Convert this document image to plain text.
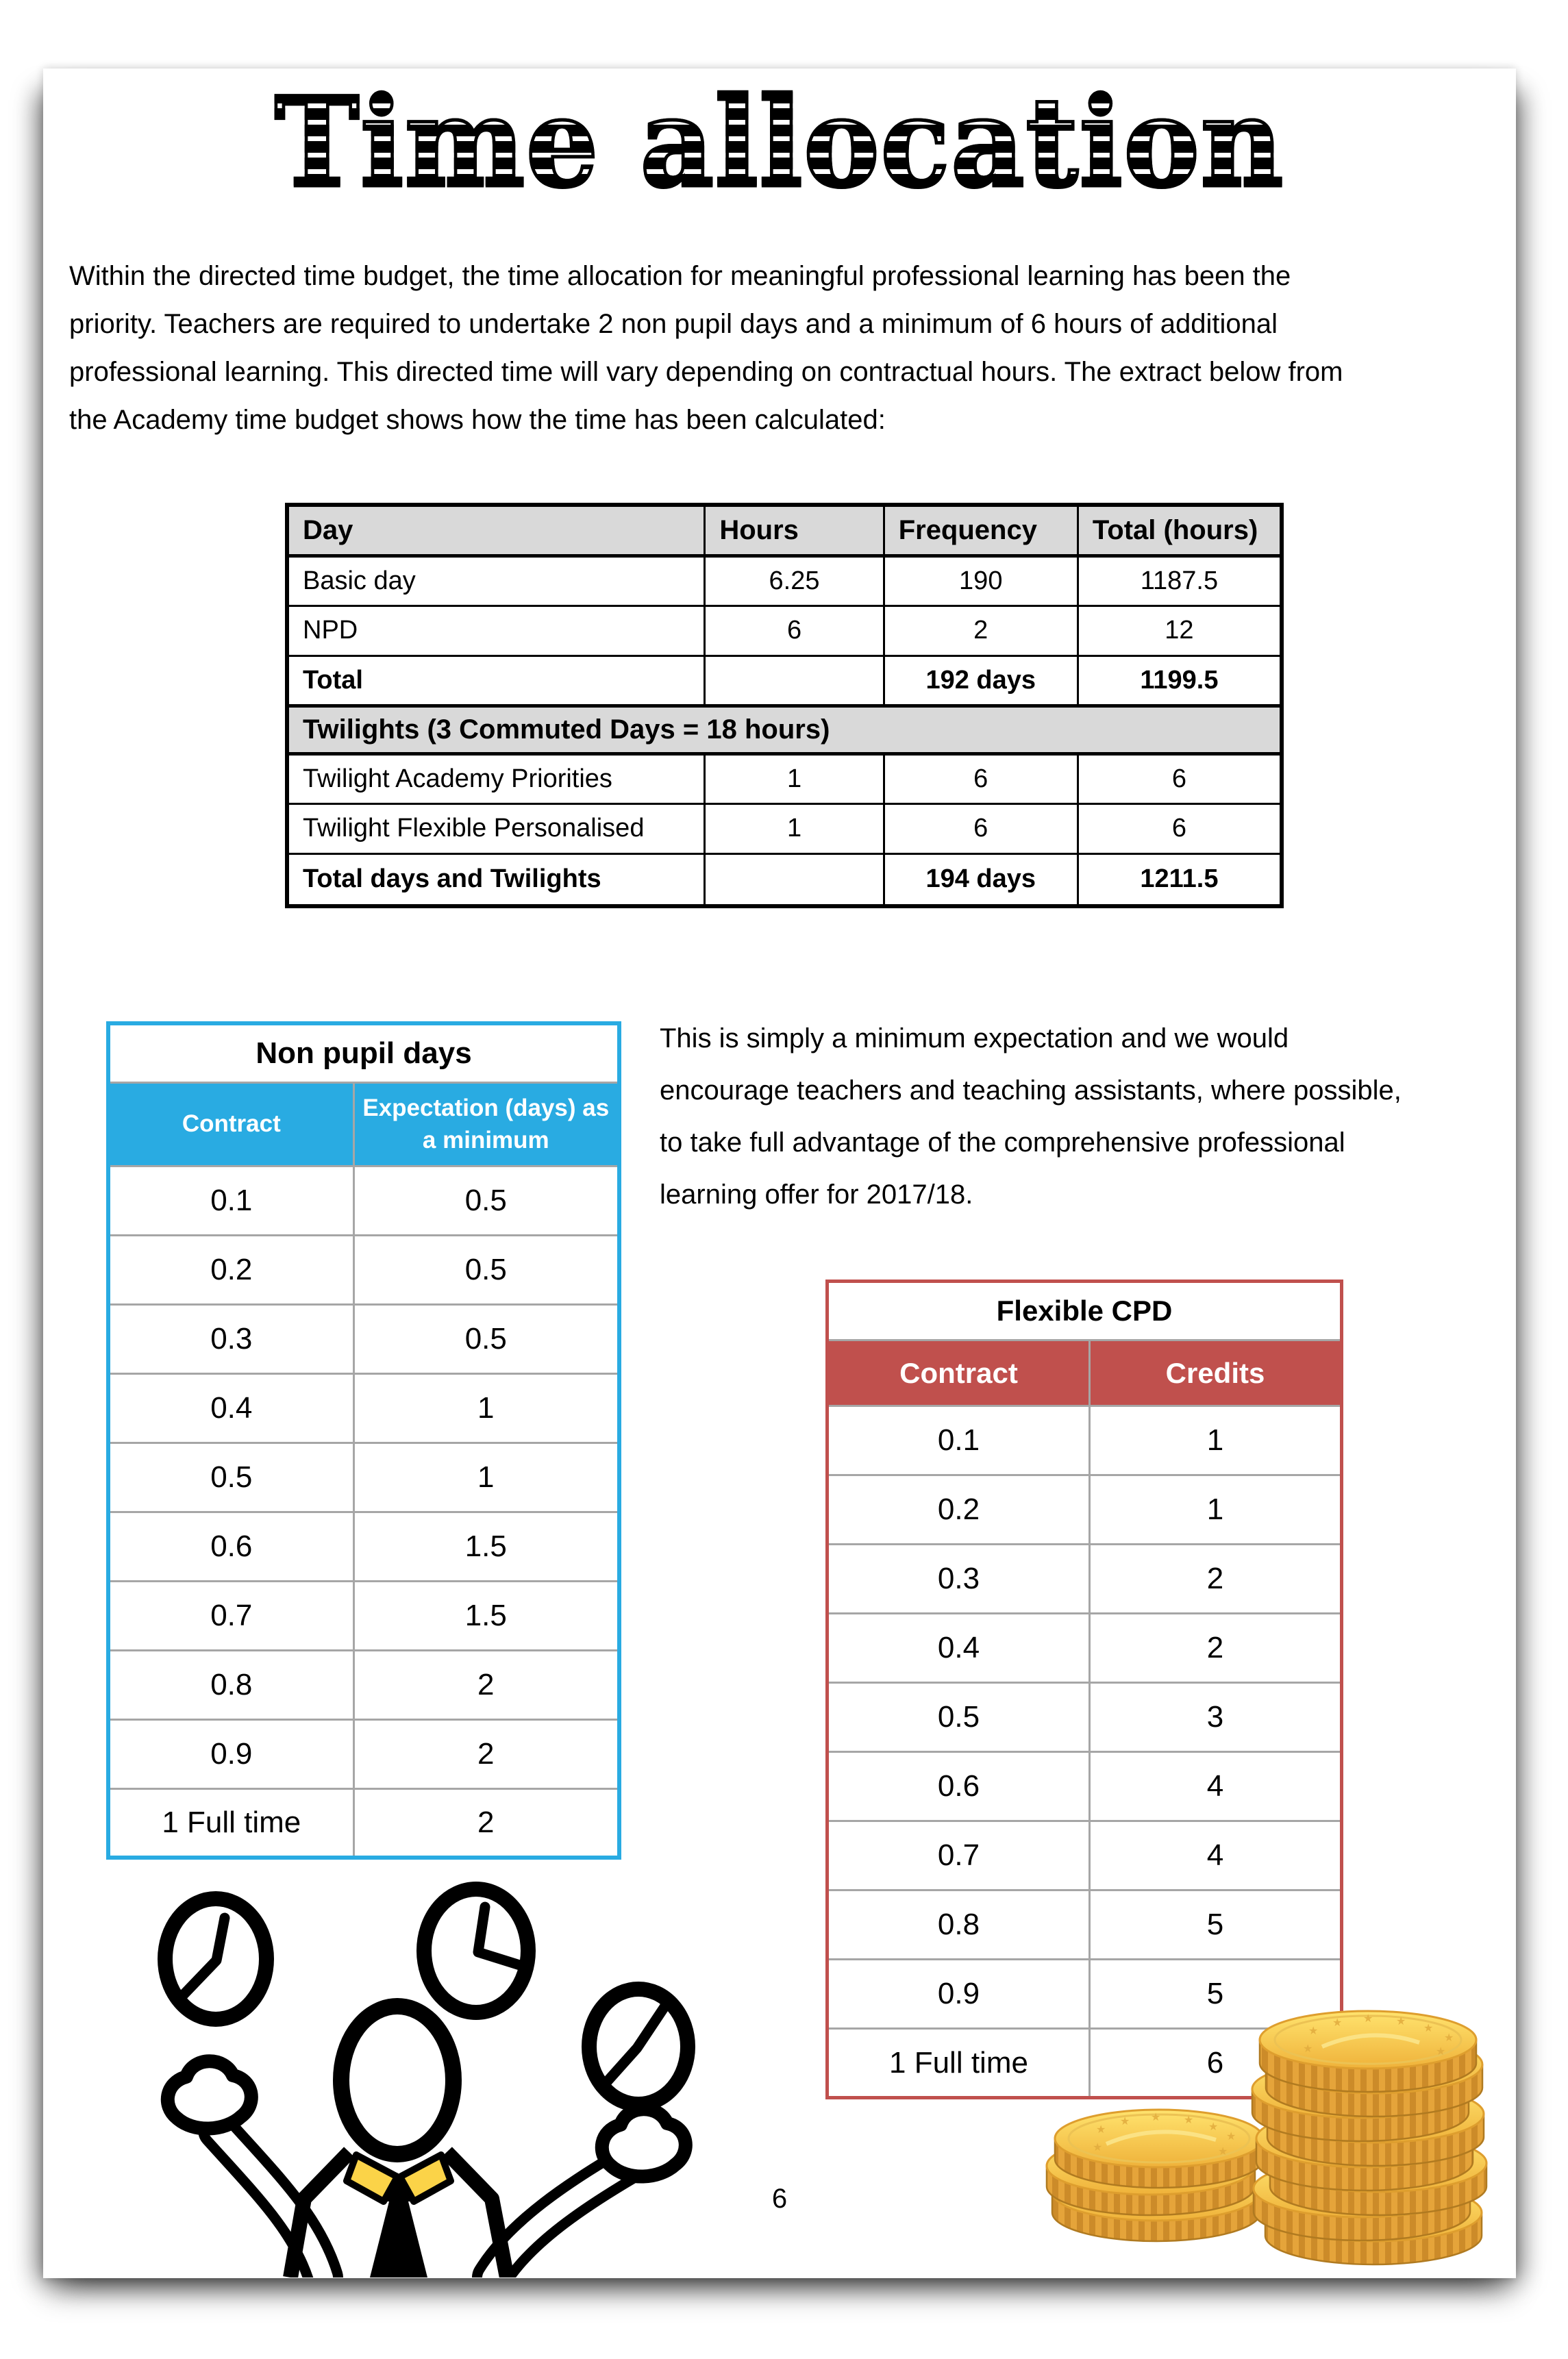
Time allocation
Within the directed time budget, the time allocation for meaningful professional learning has been the
priority. Teachers are required to undertake 2 non pupil days and a minimum of 6 hours of additional
professional learning. This directed time will vary depending on contractual hours. The extract below from
the Academy time budget shows how the time has been calculated:
Day	Hours	Frequency	Total (hours)
Basic day	6.25	190	1187.5
NPD	6	2	12
Total		192 days	1199.5
Twilights (3 Commuted Days = 18 hours)			
Twilight Academy Priorities	1	6	6
Twilight Flexible Personalised	1	6	6
Total days and Twilights		194 days	1211.5
Non pupil days	
Contract	Expectation (days) as a minimum
0.1	0.5
0.2	0.5
0.3	0.5
0.4	1
0.5	1
0.6	1.5
0.7	1.5
0.8	2
0.9	2
1 Full time	2
This is simply a minimum expectation and we would
encourage teachers and teaching assistants, where possible,
to take full advantage of the comprehensive professional
learning offer for 2017/18.
Flexible CPD	
Contract	Credits
0.1	1
0.2	1
0.3	2
0.4	2
0.5	3
0.6	4
0.7	4
0.8	5
0.9	5
1 Full time	6
★
★ ★ ★
★
★
★	★
★
★ ★ ★
★
★
★	★
6
